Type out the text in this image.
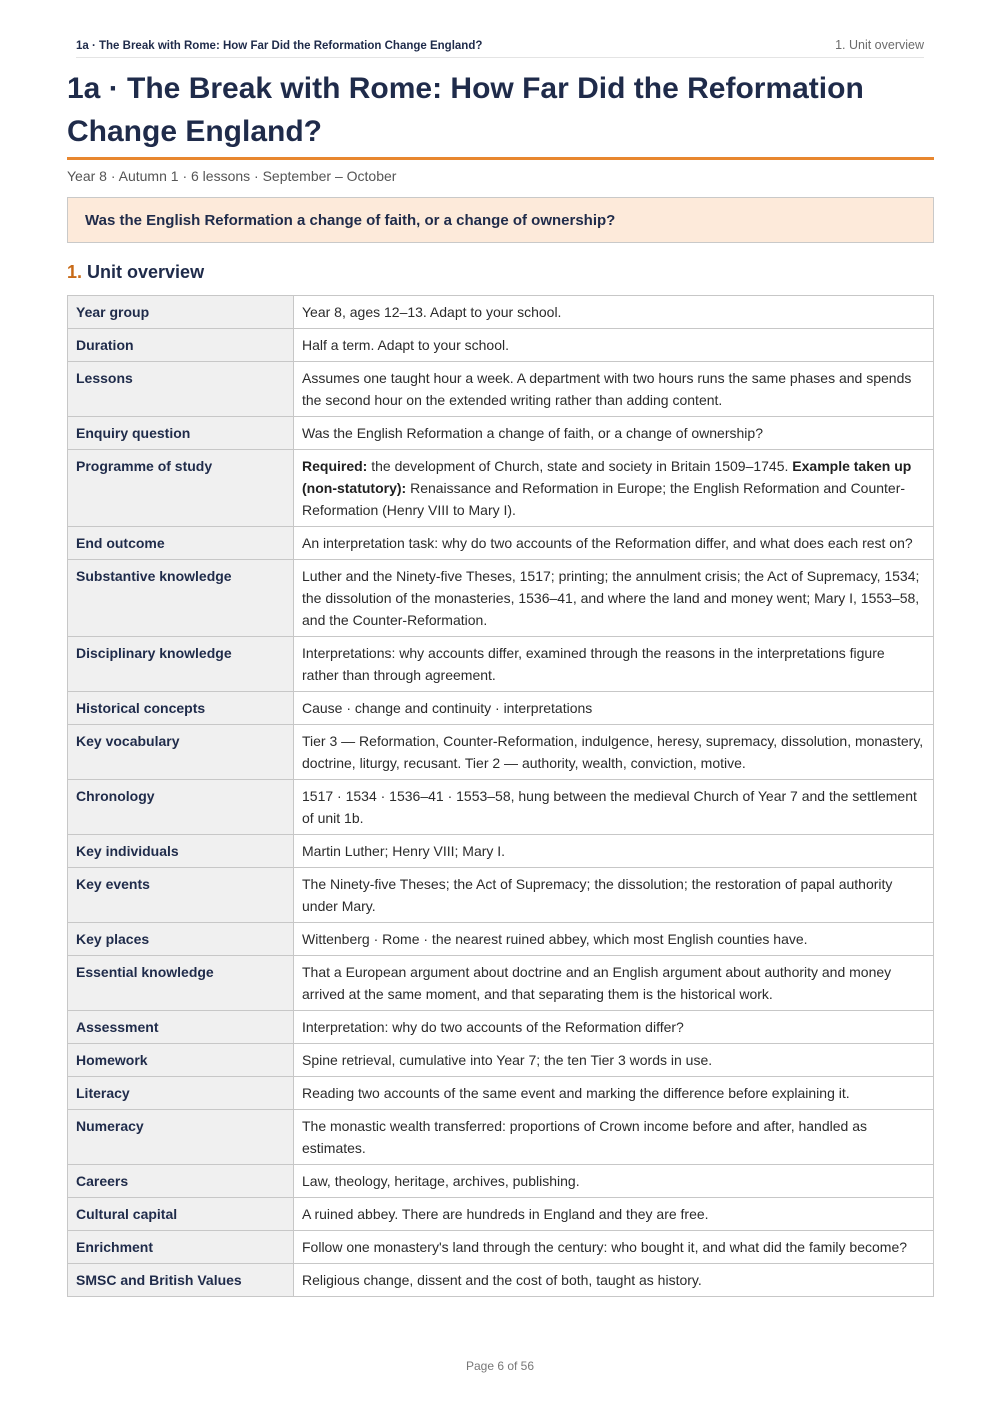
1a · The Break with Rome: How Far Did the Reformation Change England?	1. Unit overview
1a · The Break with Rome: How Far Did the Reformation Change England?
Year 8 · Autumn 1 · 6 lessons · September – October
Was the English Reformation a change of faith, or a change of ownership?
1. Unit overview
Year group	Year 8, ages 12–13. Adapt to your school.
Duration	Half a term. Adapt to your school.
Lessons	Assumes one taught hour a week. A department with two hours runs the same phases and spends the second hour on the extended writing rather than adding content.
Enquiry question	Was the English Reformation a change of faith, or a change of ownership?
Programme of study	Required: the development of Church, state and society in Britain 1509–1745. Example taken up (non-statutory): Renaissance and Reformation in Europe; the English Reformation and Counter-Reformation (Henry VIII to Mary I).
End outcome	An interpretation task: why do two accounts of the Reformation differ, and what does each rest on?
Substantive knowledge	Luther and the Ninety-five Theses, 1517; printing; the annulment crisis; the Act of Supremacy, 1534; the dissolution of the monasteries, 1536–41, and where the land and money went; Mary I, 1553–58, and the Counter-Reformation.
Disciplinary knowledge	Interpretations: why accounts differ, examined through the reasons in the interpretations figure rather than through agreement.
Historical concepts	Cause · change and continuity · interpretations
Key vocabulary	Tier 3 — Reformation, Counter-Reformation, indulgence, heresy, supremacy, dissolution, monastery, doctrine, liturgy, recusant. Tier 2 — authority, wealth, conviction, motive.
Chronology	1517 · 1534 · 1536–41 · 1553–58, hung between the medieval Church of Year 7 and the settlement of unit 1b.
Key individuals	Martin Luther; Henry VIII; Mary I.
Key events	The Ninety-five Theses; the Act of Supremacy; the dissolution; the restoration of papal authority under Mary.
Key places	Wittenberg · Rome · the nearest ruined abbey, which most English counties have.
Essential knowledge	That a European argument about doctrine and an English argument about authority and money arrived at the same moment, and that separating them is the historical work.
Assessment	Interpretation: why do two accounts of the Reformation differ?
Homework	Spine retrieval, cumulative into Year 7; the ten Tier 3 words in use.
Literacy	Reading two accounts of the same event and marking the difference before explaining it.
Numeracy	The monastic wealth transferred: proportions of Crown income before and after, handled as estimates.
Careers	Law, theology, heritage, archives, publishing.
Cultural capital	A ruined abbey. There are hundreds in England and they are free.
Enrichment	Follow one monastery's land through the century: who bought it, and what did the family become?
SMSC and British Values	Religious change, dissent and the cost of both, taught as history.
Page 6 of 56
